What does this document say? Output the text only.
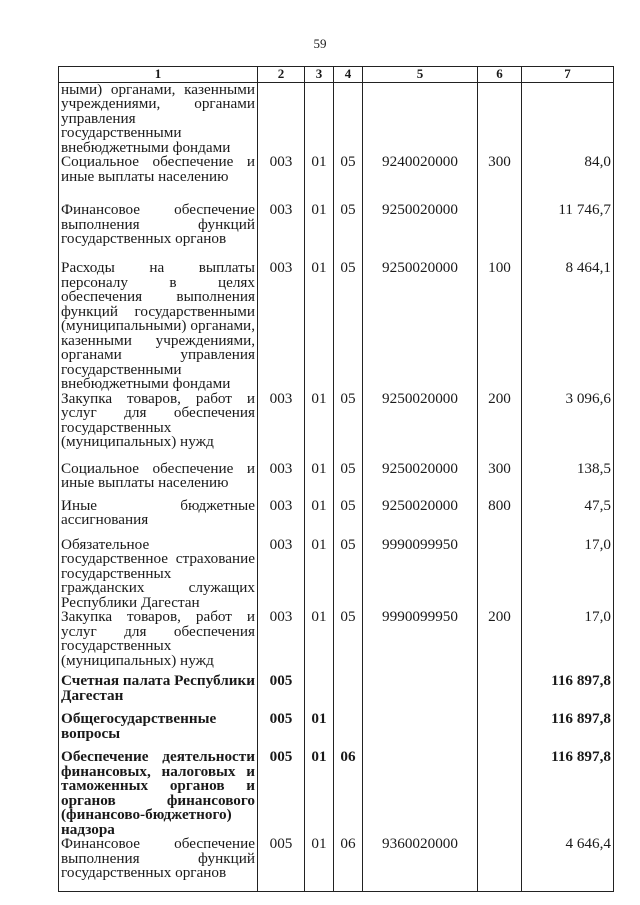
59
1	2	3	4	5	6	7
ными) органами, казенными учреждениями, органами управления государственными внебюджетными фондами						
Социальное обеспечение и иные выплаты населению	003	01	05	9240020000	300	84,0
Финансовое обеспечение выполнения функций государственных органов	003	01	05	9250020000		11 746,7
Расходы на выплаты персоналу в целях обеспечения выполнения функций государственными (муниципальными) органами, казенными учреждениями, органами управления государственными внебюджетными фондами	003	01	05	9250020000	100	8 464,1
Закупка товаров, работ и услуг для обеспечения государственных (муниципальных) нужд	003	01	05	9250020000	200	3 096,6
Социальное обеспечение и иные выплаты населению	003	01	05	9250020000	300	138,5
Иные бюджетные ассигнования	003	01	05	9250020000	800	47,5
Обязательное государственное страхование государственных гражданских служащих Республики Дагестан	003	01	05	9990099950		17,0
Закупка товаров, работ и услуг для обеспечения государственных (муниципальных) нужд	003	01	05	9990099950	200	17,0
Счетная палата Республики Дагестан	005					116 897,8
Общегосударственные вопросы	005	01				116 897,8
Обеспечение деятельности финансовых, налоговых и таможенных органов и органов финансового (финансово-бюджетного) надзора	005	01	06			116 897,8
Финансовое обеспечение выполнения функций государственных органов	005	01	06	9360020000		4 646,4
